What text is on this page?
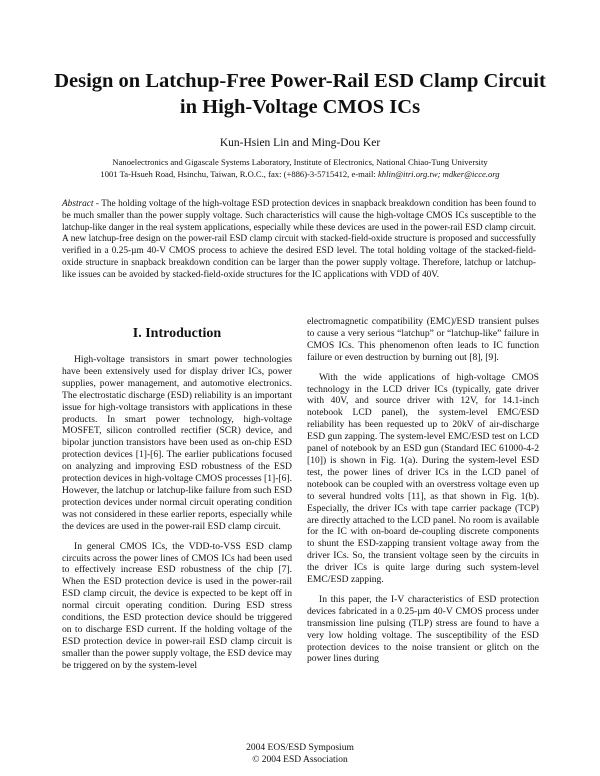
Design on Latchup-Free Power-Rail ESD Clamp Circuit
in High-Voltage CMOS ICs
Kun-Hsien Lin and Ming-Dou Ker
Nanoelectronics and Gigascale Systems Laboratory, Institute of Electronics, National Chiao-Tung University
1001 Ta-Hsueh Road, Hsinchu, Taiwan, R.O.C., fax: (+886)-3-5715412, e-mail: khlin@itri.org.tw; mdker@icce.org
Abstract - The holding voltage of the high-voltage ESD protection devices in snapback breakdown condition has been found to be much smaller than the power supply voltage. Such characteristics will cause the high-voltage CMOS ICs susceptible to the latchup-like danger in the real system applications, especially while these devices are used in the power-rail ESD clamp circuit. A new latchup-free design on the power-rail ESD clamp circuit with stacked-field-oxide structure is proposed and successfully verified in a 0.25-µm 40-V CMOS process to achieve the desired ESD level. The total holding voltage of the stacked-field-oxide structure in snapback breakdown condition can be larger than the power supply voltage. Therefore, latchup or latchup-like issues can be avoided by stacked-field-oxide structures for the IC applications with VDD of 40V.
I. Introduction

High-voltage transistors in smart power technologies have been extensively used for display driver ICs, power supplies, power management, and automotive electronics. The electrostatic discharge (ESD) reliability is an important issue for high-voltage transistors with applications in these products. In smart power technology, high-voltage MOSFET, silicon controlled rectifier (SCR) device, and bipolar junction transistors have been used as on-chip ESD protection devices [1]-[6]. The earlier publications focused on analyzing and improving ESD robustness of the ESD protection devices in high-voltage CMOS processes [1]-[6]. However, the latchup or latchup-like failure from such ESD protection devices under normal circuit operating condition was not considered in these earlier reports, especially while the devices are used in the power-rail ESD clamp circuit.

In general CMOS ICs, the VDD-to-VSS ESD clamp circuits across the power lines of CMOS ICs had been used to effectively increase ESD robustness of the chip [7]. When the ESD protection device is used in the power-rail ESD clamp circuit, the device is expected to be kept off in normal circuit operating condition. During ESD stress conditions, the ESD protection device should be triggered on to discharge ESD current. If the holding voltage of the ESD protection device in power-rail ESD clamp circuit is smaller than the power supply voltage, the ESD device may be triggered on by the system-level

electromagnetic compatibility (EMC)/ESD transient pulses to cause a very serious “latchup” or “latchup-like” failure in CMOS ICs. This phenomenon often leads to IC function failure or even destruction by burning out [8], [9].

With the wide applications of high-voltage CMOS technology in the LCD driver ICs (typically, gate driver with 40V, and source driver with 12V, for 14.1-inch notebook LCD panel), the system-level EMC/ESD reliability has been requested up to 20kV of air-discharge ESD gun zapping. The system-level EMC/ESD test on LCD panel of notebook by an ESD gun (Standard IEC 61000-4-2 [10]) is shown in Fig. 1(a). During the system-level ESD test, the power lines of driver ICs in the LCD panel of notebook can be coupled with an overstress voltage even up to several hundred volts [11], as that shown in Fig. 1(b). Especially, the driver ICs with tape carrier package (TCP) are directly attached to the LCD panel. No room is available for the IC with on-board de-coupling discrete components to shunt the ESD-zapping transient voltage away from the driver ICs. So, the transient voltage seen by the circuits in the driver ICs is quite large during such system-level EMC/ESD zapping.

In this paper, the I-V characteristics of ESD protection devices fabricated in a 0.25-µm 40-V CMOS process under transmission line pulsing (TLP) stress are found to have a very low holding voltage. The susceptibility of the ESD protection devices to the noise transient or glitch on the power lines during

2004 EOS/ESD Symposium
© 2004 ESD Association
